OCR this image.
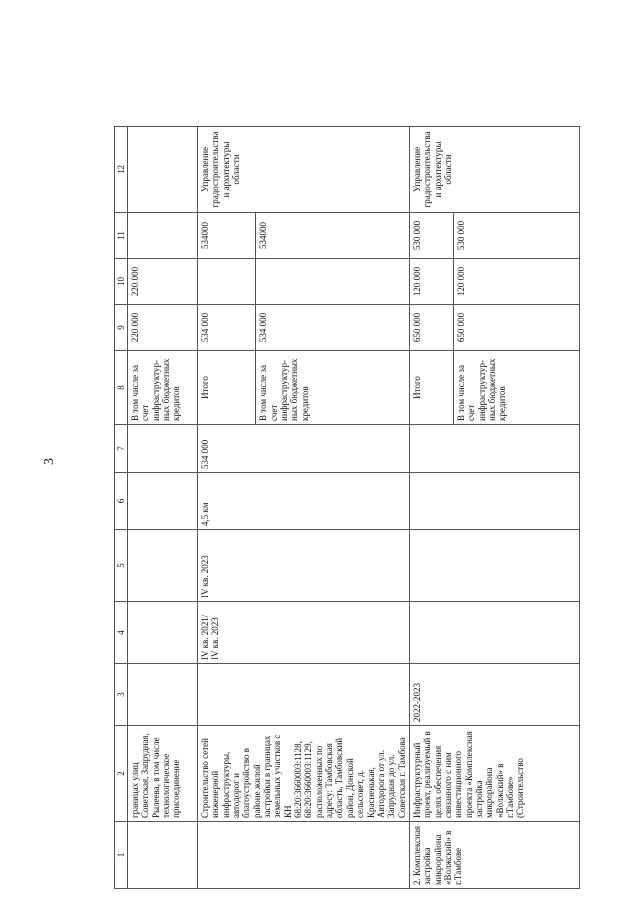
3
1	2	3	4	5	6	7	8	9	10	11	12
	границах улиц Советская, Запрудная, Рылеева, в том числе технологическое присоединение						В том числе за счет инфраструктур-ных бюджетных кредитов	220 000	220 000		
	Строительство сетей инженерной инфраструктуры, автодорог и благоустройство в районе жилой застройки в границах земельных участков с КН 68:20:3660003:1128, 68:20:3660003:1129, расположенных по адресу: Тамбовская область, Тамбовский район, Донской сельсовет, д. Красненькая, Автодорога от ул. Запрудная до ул. Советская г. Тамбова		IV кв. 2021/ IV кв. 2023	IV кв. 2023	4,5 км	534 000	Итого	534 000		534000	Управление градостроительства и архитектуры области
							В том числе за счет инфраструктур-ных бюджетных кредитов	534 000		534000	
2. Комплексная застройка микрорайона «Волжский» в г.Тамбове	Инфраструктурный проект, реализуемый в целях обеспечения связанного с ним инвестиционного проекта «Комплексная застройка микрорайона «Волжский» в г.Тамбове» (Строительство	2022-2023					Итого	650 000	120 000	530 000	Управление градостроительства и архитектуры области
							В том числе за счет инфраструктур-ных бюджетных кредитов	650 000	120 000	530 000	
